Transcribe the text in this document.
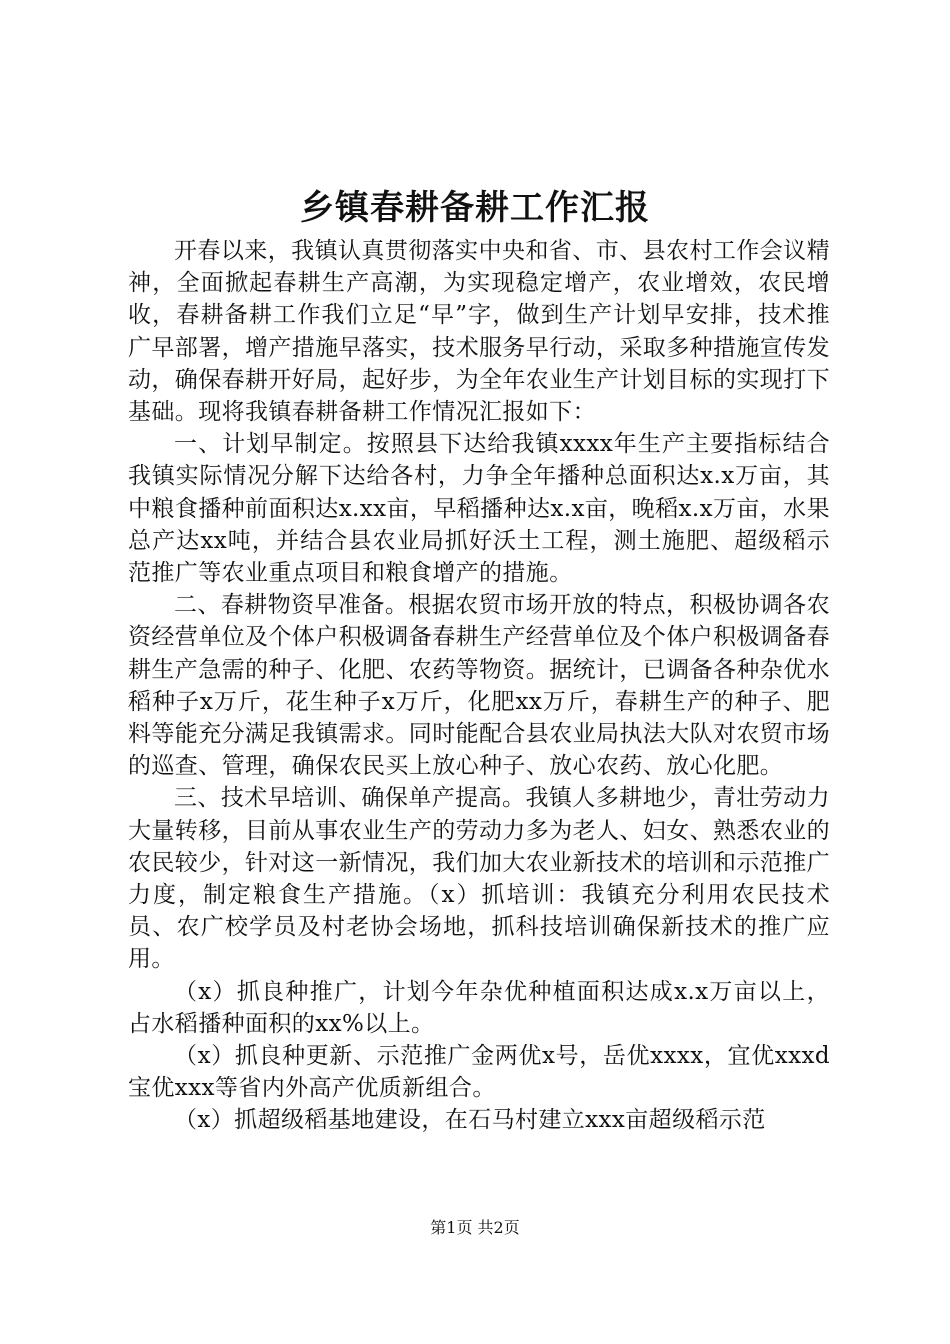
乡镇春耕备耕工作汇报

开春以来，我镇认真贯彻落实中央和省、市、县农村工作会议精神，全面掀起春耕生产高潮，为实现稳定增产，农业增效，农民增收，春耕备耕工作我们立足“早”字，做到生产计划早安排，技术推广早部署，增产措施早落实，技术服务早行动，采取多种措施宣传发动，确保春耕开好局，起好步，为全年农业生产计划目标的实现打下基础。现将我镇春耕备耕工作情况汇报如下：

一、计划早制定。按照县下达给我镇xxxx年生产主要指标结合我镇实际情况分解下达给各村，力争全年播种总面积达x.x万亩，其中粮食播种前面积达x.xx亩，早稻播种达x.x亩，晚稻x.x万亩，水果总产达xx吨，并结合县农业局抓好沃土工程，测土施肥、超级稻示范推广等农业重点项目和粮食增产的措施。

二、春耕物资早准备。根据农贸市场开放的特点，积极协调各农资经营单位及个体户积极调备春耕生产经营单位及个体户积极调备春耕生产急需的种子、化肥、农药等物资。据统计，已调备各种杂优水稻种子x万斤，花生种子x万斤，化肥xx万斤，春耕生产的种子、肥料等能充分满足我镇需求。同时能配合县农业局执法大队对农贸市场的巡查、管理，确保农民买上放心种子、放心农药、放心化肥。

三、技术早培训、确保单产提高。我镇人多耕地少，青壮劳动力大量转移，目前从事农业生产的劳动力多为老人、妇女、熟悉农业的农民较少，针对这一新情况，我们加大农业新技术的培训和示范推广力度，制定粮食生产措施。（x）抓培训：我镇充分利用农民技术员、农广校学员及村老协会场地，抓科技培训确保新技术的推广应用。

（x）抓良种推广，计划今年杂优种植面积达成x.x万亩以上，占水稻播种面积的xx%以上。

（x）抓良种更新、示范推广金两优x号，岳优xxxx，宜优xxxd宝优xxx等省内外高产优质新组合。

（x）抓超级稻基地建设，在石马村建立xxx亩超级稻示范

第1页 共2页
